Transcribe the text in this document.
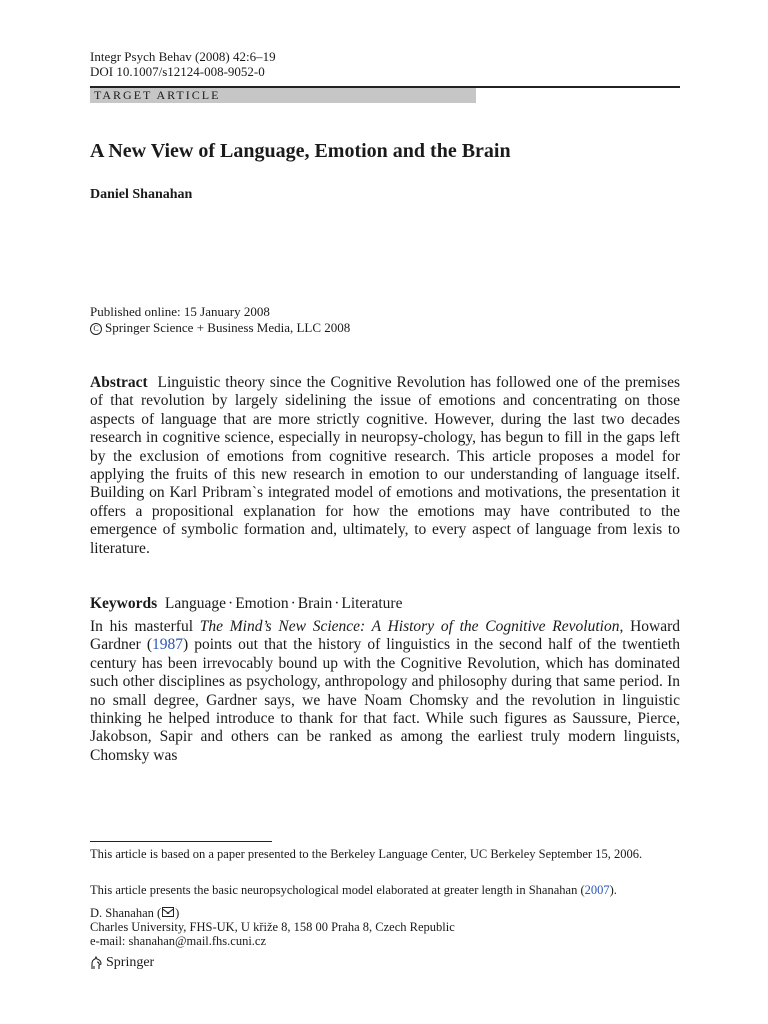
Integr Psych Behav (2008) 42:6–19
DOI 10.1007/s12124-008-9052-0
TARGET ARTICLE
A New View of Language, Emotion and the Brain
Daniel Shanahan
Published online: 15 January 2008
C Springer Science + Business Media, LLC 2008

Abstract Linguistic theory since the Cognitive Revolution has followed one of the premises of that revolution by largely sidelining the issue of emotions and concentrating on those aspects of language that are more strictly cognitive. However, during the last two decades research in cognitive science, especially in neuropsy-chology, has begun to fill in the gaps left by the exclusion of emotions from cognitive research. This article proposes a model for applying the fruits of this new research in emotion to our understanding of language itself. Building on Karl Pribram`s integrated model of emotions and motivations, the presentation it offers a propositional explanation for how the emotions may have contributed to the emergence of symbolic formation and, ultimately, to every aspect of language from lexis to literature.

Keywords Language · Emotion · Brain · Literature

In his masterful The Mind’s New Science: A History of the Cognitive Revolution, Howard Gardner (1987) points out that the history of linguistics in the second half of the twentieth century has been irrevocably bound up with the Cognitive Revolution, which has dominated such other disciplines as psychology, anthropology and philosophy during that same period. In no small degree, Gardner says, we have Noam Chomsky and the revolution in linguistic thinking he helped introduce to thank for that fact. While such figures as Saussure, Pierce, Jakobson, Sapir and others can be ranked as among the earliest truly modern linguists, Chomsky was

This article is based on a paper presented to the Berkeley Language Center, UC Berkeley September 15, 2006.
This article presents the basic neuropsychological model elaborated at greater length in Shanahan (2007).
D. Shanahan ( )
Charles University, FHS-UK, U křiže 8, 158 00 Praha 8, Czech Republic
e-mail: shanahan@mail.fhs.cuni.cz
Springer
